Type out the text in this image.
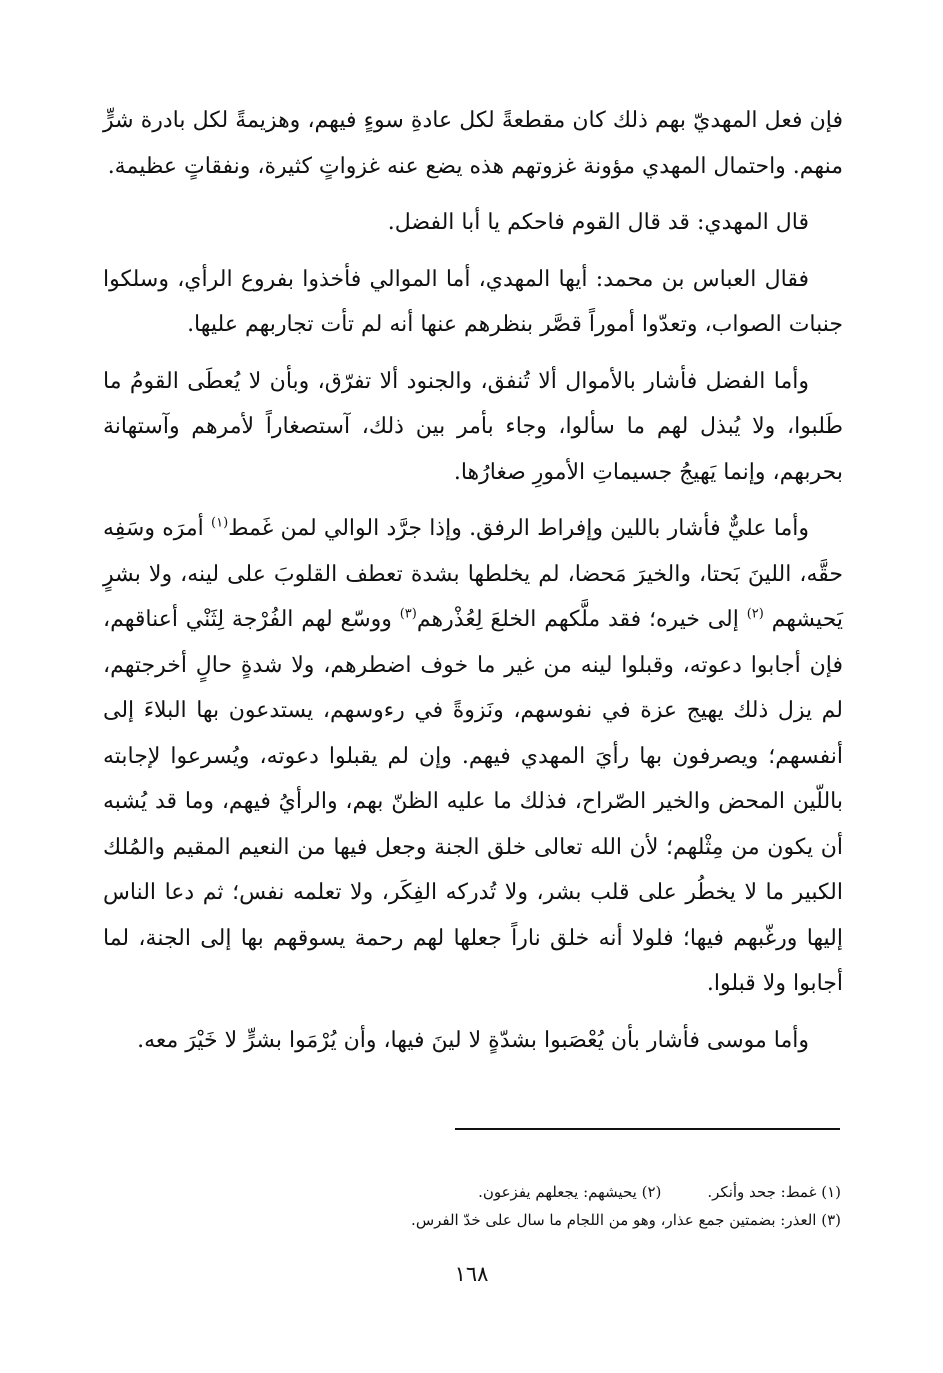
فإن فعل المهديّ بهم ذلك كان مقطعةً لكل عادةِ سوءٍ فيهم، وهزيمةً لكل بادرة شرٍّ منهم. واحتمال المهدي مؤونة غزوتهم هذه يضع عنه غزواتٍ كثيرة، ونفقاتٍ عظيمة.

قال المهدي: قد قال القوم فاحكم يا أبا الفضل.

فقال العباس بن محمد: أيها المهدي، أما الموالي فأخذوا بفروع الرأي، وسلكوا جنبات الصواب، وتعدّوا أموراً قصَّر بنظرهم عنها أنه لم تأت تجاربهم عليها.

وأما الفضل فأشار بالأموال ألا تُنفق، والجنود ألا تفرّق، وبأن لا يُعطَى القومُ ما طَلبوا، ولا يُبذل لهم ما سألوا، وجاء بأمر بين ذلك، آستصغاراً لأمرهم وآستهانة بحربهم، وإنما يَهيجُ جسيماتِ الأمورِ صغارُها.

وأما عليٌّ فأشار باللين وإفراط الرفق. وإذا جرَّد الوالي لمن غَمط$^{(١)}$ أمرَه وسَفِه حقَّه، اللينَ بَحتا، والخيرَ مَحضا، لم يخلطها بشدة تعطف القلوبَ على لينه، ولا بشرٍ يَحيشهم $^{(٢)}$ إلى خيره؛ فقد ملَّكهم الخلعَ لِعُذْرهم$^{(٣)}$ ووسّع لهم الفُرْجة لِثَنْي أعناقهم، فإن أجابوا دعوته، وقبلوا لينه من غير ما خوف اضطرهم، ولا شدةٍ حالٍ أخرجتهم، لم يزل ذلك يهيج عزة في نفوسهم، ونَزوةً في رءوسهم، يستدعون بها البلاءَ إلى أنفسهم؛ ويصرفون بها رأيَ المهدي فيهم. وإن لم يقبلوا دعوته، ويُسرعوا لإجابته باللّين المحض والخير الصّراح، فذلك ما عليه الظنّ بهم، والرأيُ فيهم، وما قد يُشبه أن يكون من مِثْلهم؛ لأن الله تعالى خلق الجنة وجعل فيها من النعيم المقيم والمُلك الكبير ما لا يخطُر على قلب بشر، ولا تُدركه الفِكَر، ولا تعلمه نفس؛ ثم دعا الناس إليها ورغّبهم فيها؛ فلولا أنه خلق ناراً جعلها لهم رحمة يسوقهم بها إلى الجنة، لما أجابوا ولا قبلوا.

وأما موسى فأشار بأن يُعْصَبوا بشدّةٍ لا لينَ فيها، وأن يُرْمَوا بشرٍّ لا خَيْرَ معه.

(١) غمط: جحد وأنكر.(٢) يحيشهم: يجعلهم يفزعون.
(٣) العذر: بضمتين جمع عذار، وهو من اللجام ما سال على خدّ الفرس.
١٦٨
